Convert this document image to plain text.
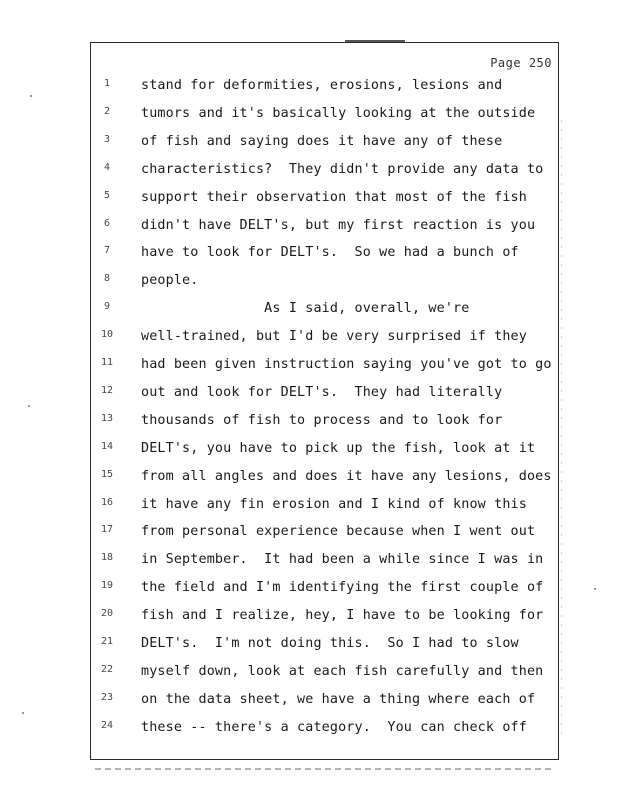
Page 250
1	stand for deformities, erosions, lesions and
2	tumors and it's basically looking at the outside
3	of fish and saying does it have any of these
4	characteristics?  They didn't provide any data to
5	support their observation that most of the fish
6	didn't have DELT's, but my first reaction is you
7	have to look for DELT's.  So we had a bunch of
8	people.
9	As I said, overall, we're
10	well-trained, but I'd be very surprised if they
11	had been given instruction saying you've got to go
12	out and look for DELT's.  They had literally
13	thousands of fish to process and to look for
14	DELT's, you have to pick up the fish, look at it
15	from all angles and does it have any lesions, does
16	it have any fin erosion and I kind of know this
17	from personal experience because when I went out
18	in September.  It had been a while since I was in
19	the field and I'm identifying the first couple of
20	fish and I realize, hey, I have to be looking for
21	DELT's.  I'm not doing this.  So I had to slow
22	myself down, look at each fish carefully and then
23	on the data sheet, we have a thing where each of
24	these -- there's a category.  You can check off
